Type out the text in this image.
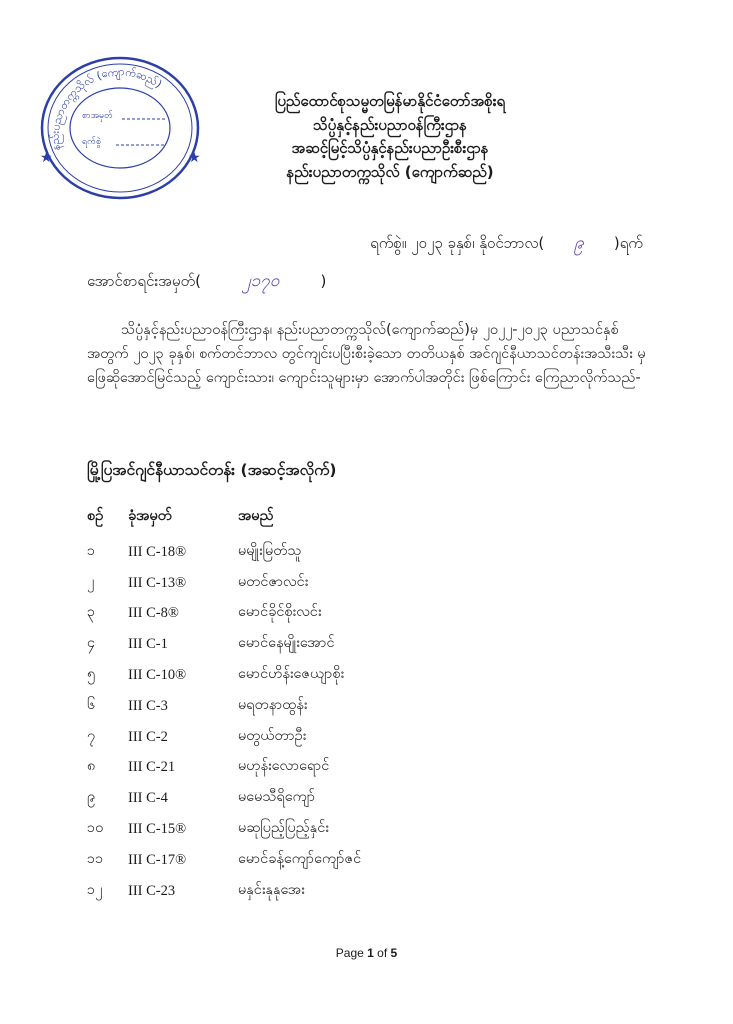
နည်းပညာတက္ကသိုလ် (ကျောက်ဆည်)
စာအမှတ်
ရက်စွဲ
★	★
ပြည်ထောင်စုသမ္မတမြန်မာနိုင်ငံတော်အစိုးရ
သိပ္ပံနှင့်နည်းပညာဝန်ကြီးဌာန
အဆင့်မြင့်သိပ္ပံနှင့်နည်းပညာဦးစီးဌာန
နည်းပညာတက္ကသိုလ် (ကျောက်ဆည်)
ရက်စွဲ။ ၂၀၂၃ ခုနှစ်၊ နိုဝင်ဘာလ( ၉ )ရက်
အောင်စာရင်းအမှတ်( ၂၁၇၀	)
သိပ္ပံနှင့်နည်းပညာဝန်ကြီးဌာန၊ နည်းပညာတက္ကသိုလ်(ကျောက်ဆည်)မှ ၂၀၂၂-၂၀၂၃ ပညာသင်နှစ်အတွက် ၂၀၂၃ ခုနှစ်၊ စက်တင်ဘာလ တွင်ကျင်းပပြီးစီးခဲ့သော တတိယနှစ် အင်ဂျင်နီယာသင်တန်းအသီးသီး မှ ဖြေဆိုအောင်မြင်သည့် ကျောင်းသား၊ ကျောင်းသူများမှာ အောက်ပါအတိုင်း ဖြစ်ကြောင်း ကြေညာလိုက်သည်-
မြို့ပြအင်ဂျင်နီယာသင်တန်း (အဆင့်အလိုက်)
စဉ်	ခုံအမှတ်	အမည်
၁	III C-18®	မမျိုးမြတ်သူ
၂	III C-13®	မတင်ဇာလင်း
၃	III C-8®	မောင်ခိုင်စိုးလင်း
၄	III C-1	မောင်နေမျိုးအောင်
၅	III C-10®	မောင်ဟိန်းဇေယျာစိုး
၆	III C-3	မရတနာထွန်း
၇	III C-2	မတွယ်တာဦး
၈	III C-21	မဟုန်းလောရောင်
၉	III C-4	မမေသီရိကျော်
၁၀	III C-15®	မဆုပြည့်ပြည့်နှင်း
၁၁	III C-17®	မောင်ခန့်ကျော်ကျော်ဇင်
၁၂	III C-23	မနှင်းနုနုအေး
Page 1 of 5
